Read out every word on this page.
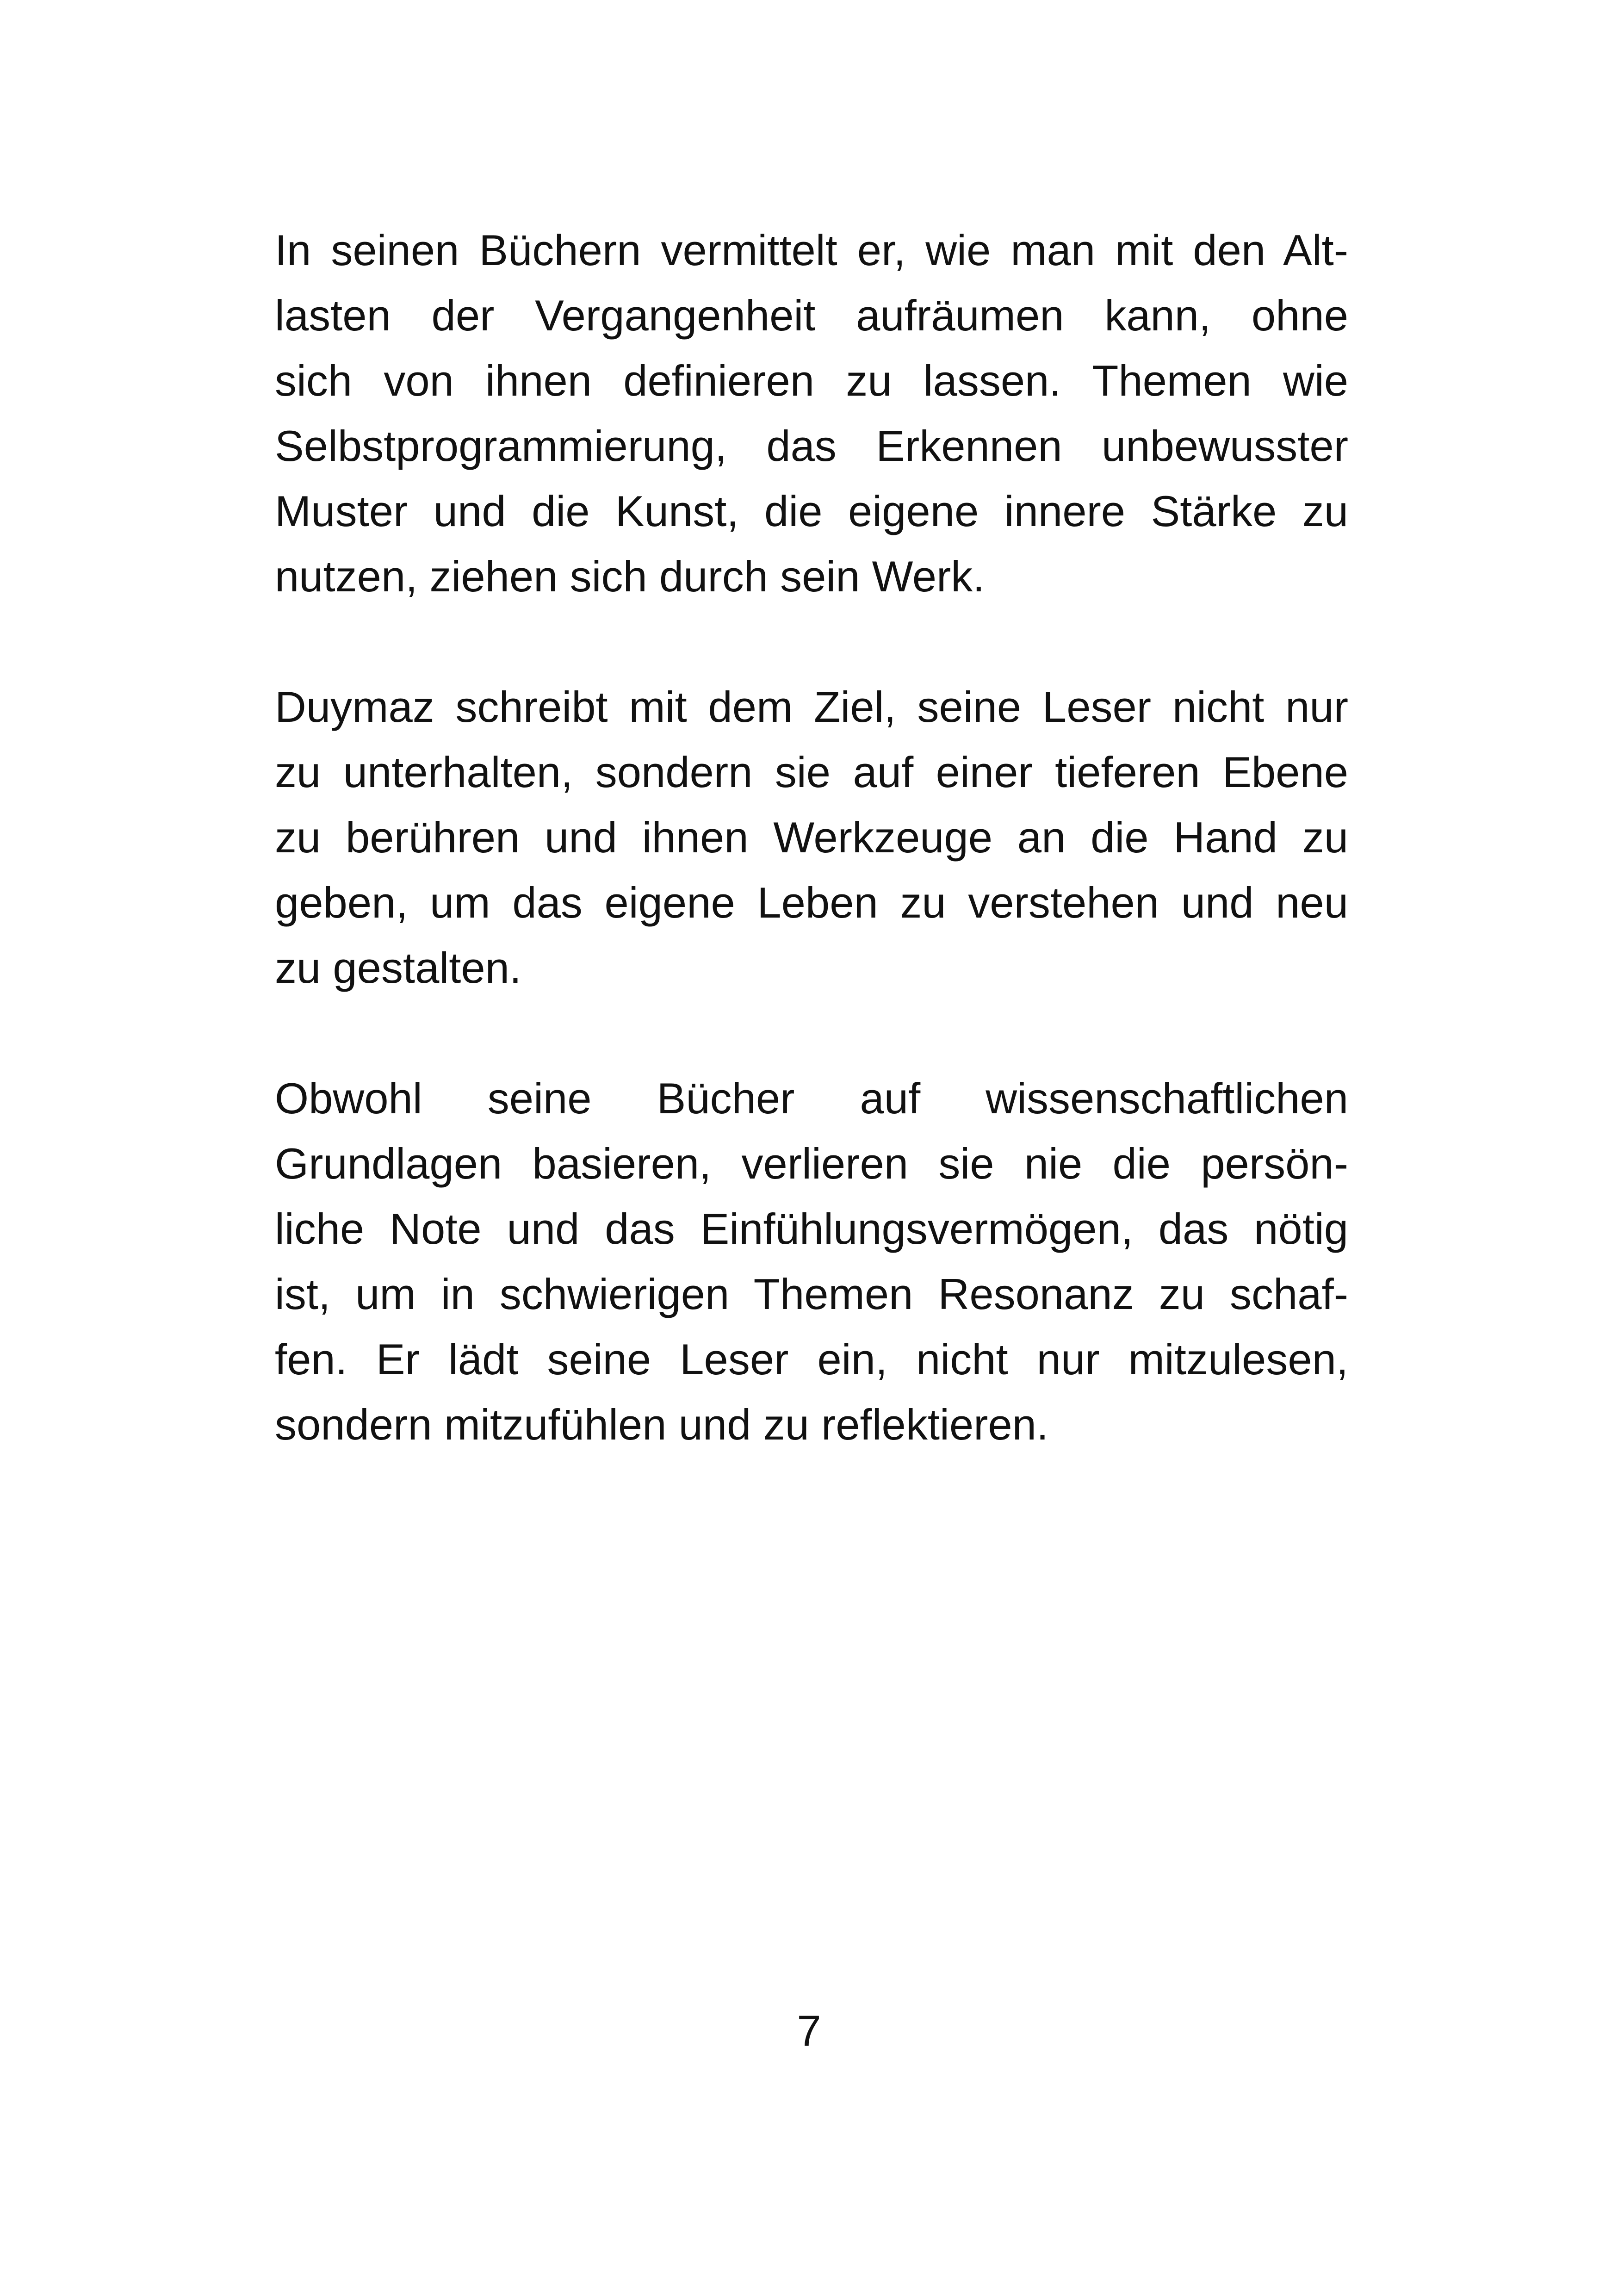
In seinen Büchern vermittelt er, wie man mit den Alt-
lasten der Vergangenheit aufräumen kann, ohne
sich von ihnen definieren zu lassen. Themen wie
Selbstprogrammierung, das Erkennen unbewusster
Muster und die Kunst, die eigene innere Stärke zu
nutzen, ziehen sich durch sein Werk.
Duymaz schreibt mit dem Ziel, seine Leser nicht nur
zu unterhalten, sondern sie auf einer tieferen Ebene
zu berühren und ihnen Werkzeuge an die Hand zu
geben, um das eigene Leben zu verstehen und neu
zu gestalten.
Obwohl seine Bücher auf wissenschaftlichen
Grundlagen basieren, verlieren sie nie die persön-
liche Note und das Einfühlungsvermögen, das nötig
ist, um in schwierigen Themen Resonanz zu schaf-
fen. Er lädt seine Leser ein, nicht nur mitzulesen,
sondern mitzufühlen und zu reflektieren.
7
